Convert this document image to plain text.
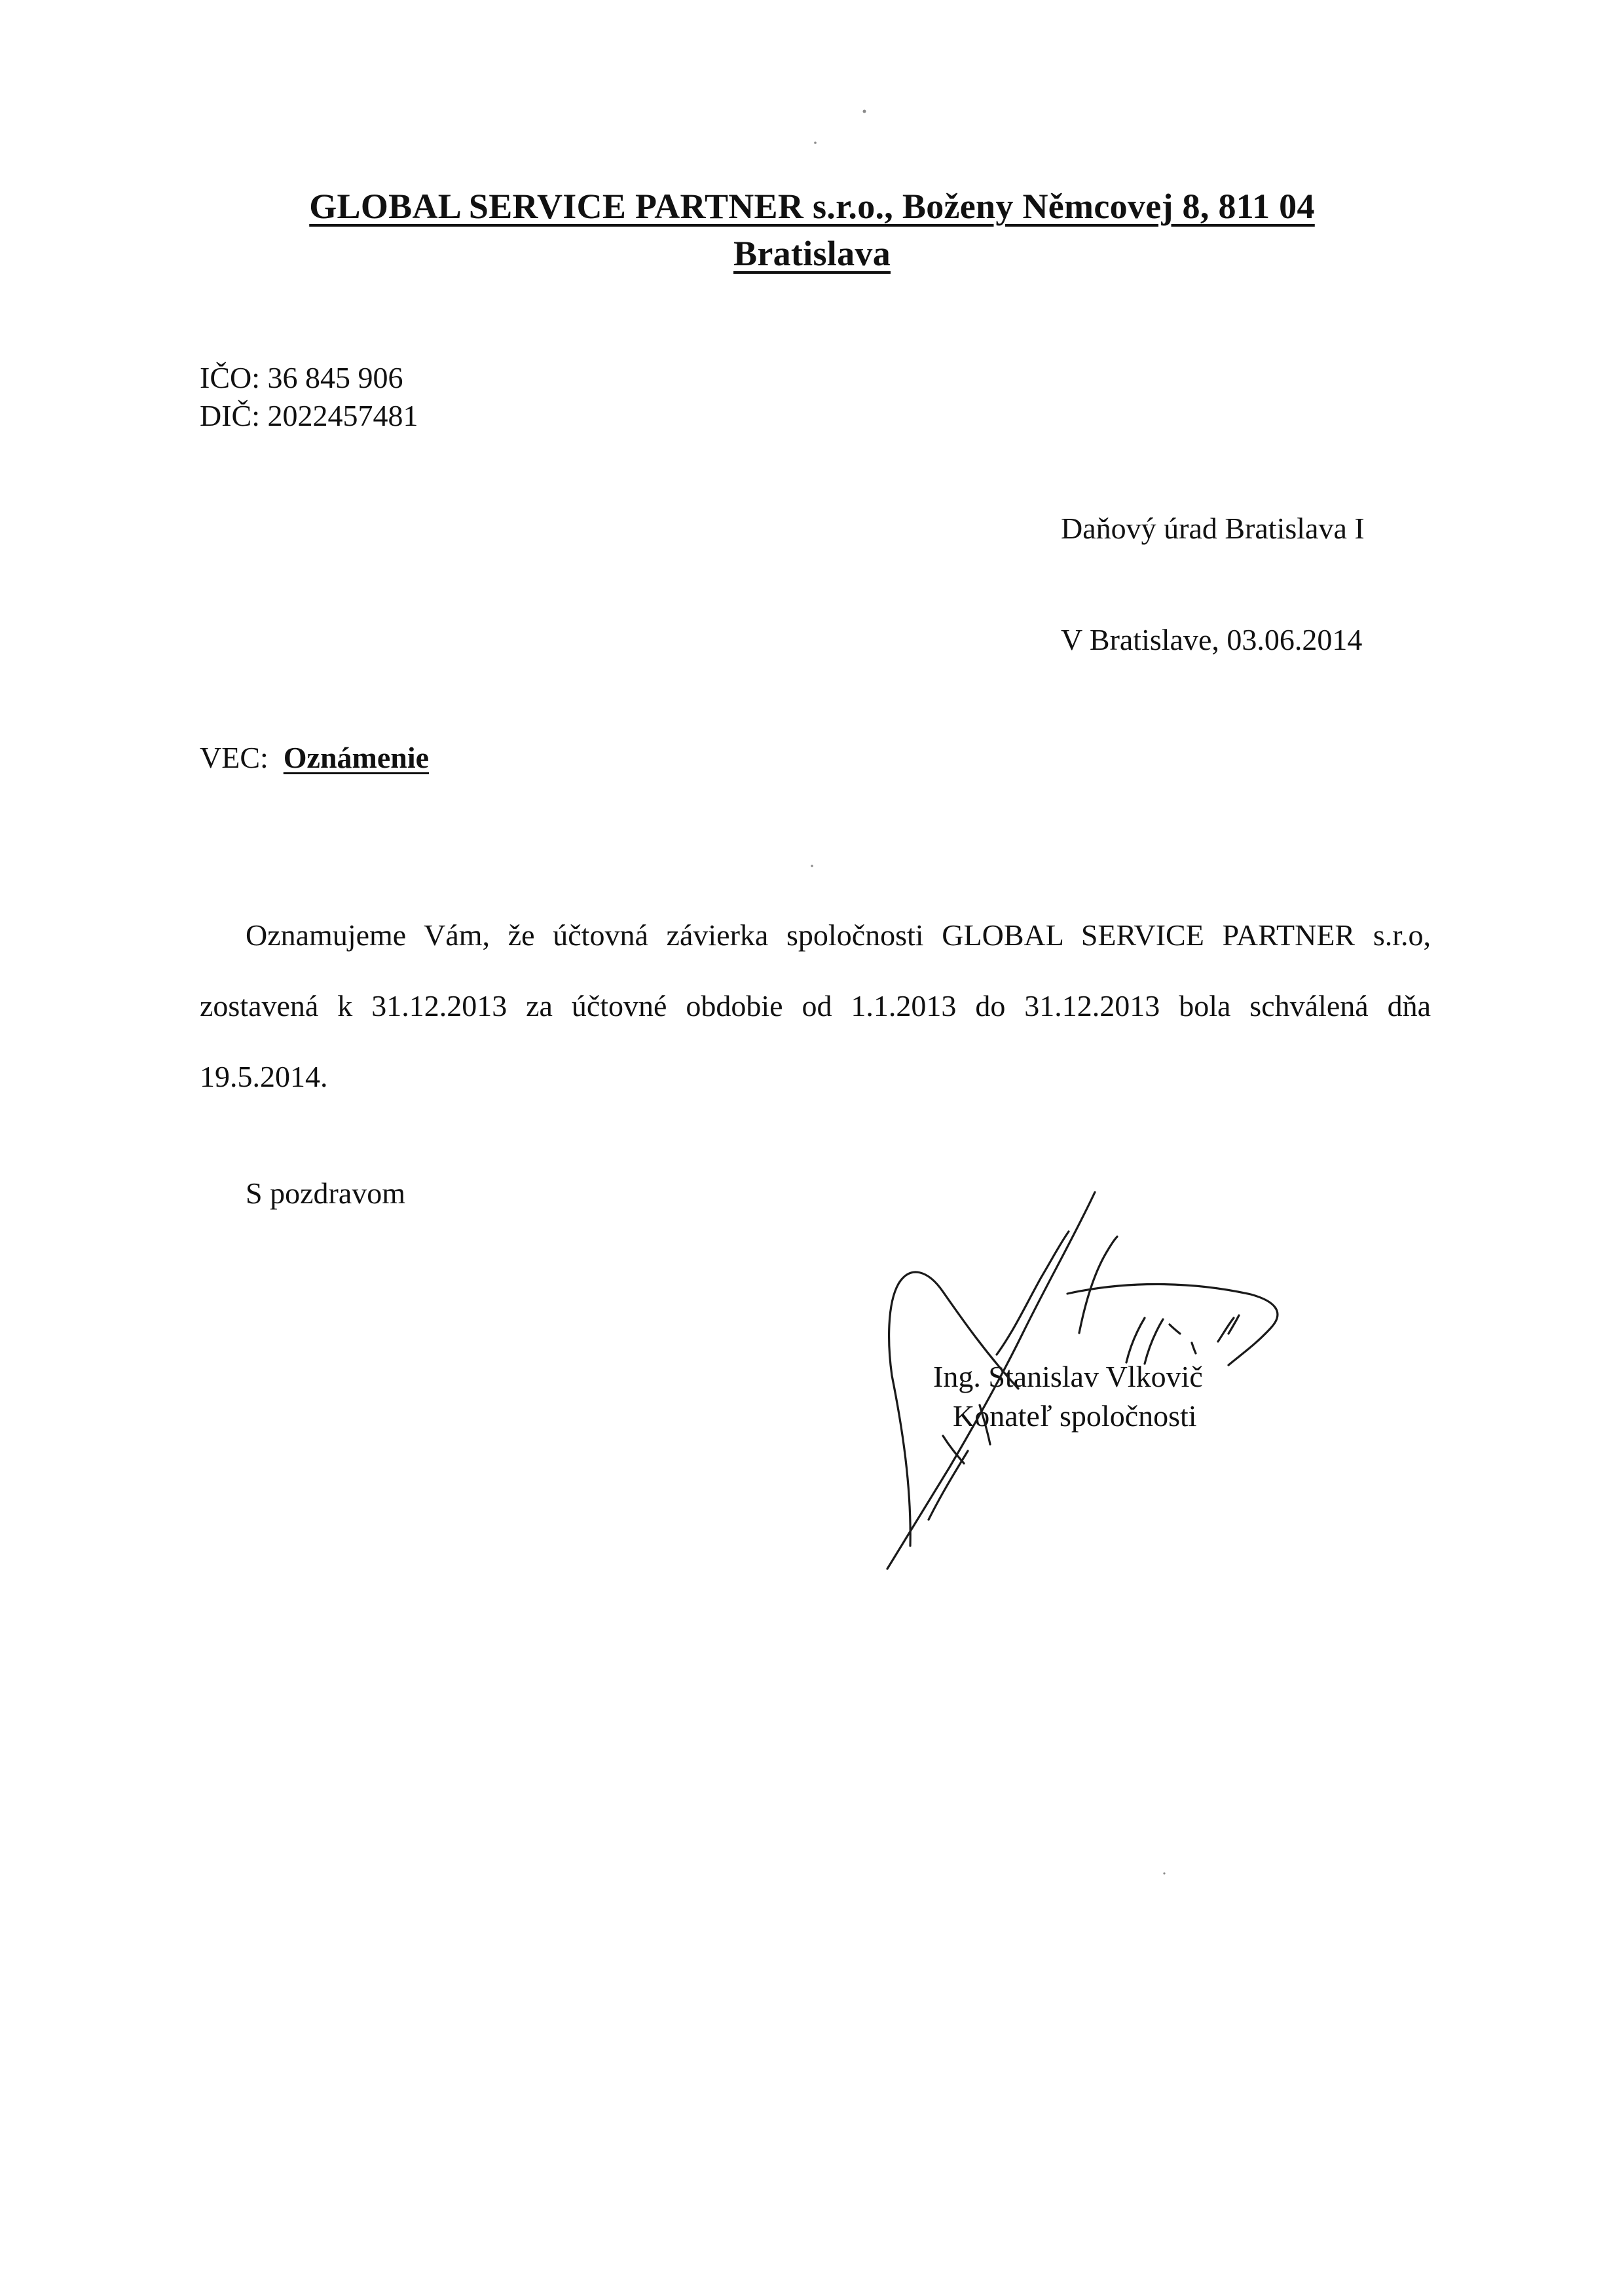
GLOBAL SERVICE PARTNER s.r.o., Boženy Němcovej 8, 811 04
Bratislava
IČO: 36 845 906
DIČ: 2022457481
Daňový úrad Bratislava I
V Bratislave, 03.06.2014
VEC: Oznámenie
Oznamujeme Vám, že účtovná závierka spoločnosti GLOBAL SERVICE PARTNER s.r.o,
zostavená k 31.12.2013 za účtovné obdobie od 1.1.2013 do 31.12.2013 bola schválená dňa
19.5.2014.
S pozdravom
Ing. Stanislav Vlkovič
Konateľ spoločnosti
